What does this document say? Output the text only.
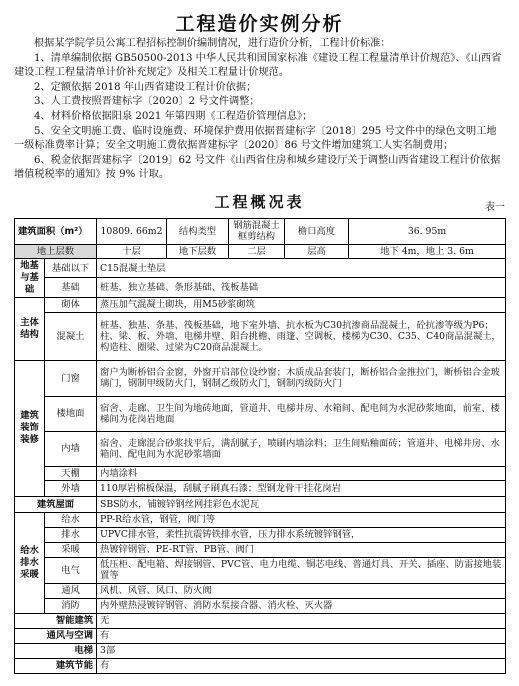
工程造价实例分析

根据某学院学员公寓工程招标控制价编制情况，进行造价分析，工程计价标准：

1、清单编制依据 GB50500-2013 中华人民共和国国家标准《建设工程工程量清单计价规范》、《山西省建设工程工程量清单计价补充规定》及相关工程量计价规范。

2、定额依据 2018 年山西省建设工程计价依据；

3、人工费按照晋建标字〔2020〕2 号文件调整；

4、材料价格依据阳泉 2021 年第四期《工程造价管理信息》；

5、安全文明施工费、临时设施费、环境保护费用依据晋建标字〔2018〕295 号文件中的绿色文明工地一级标准费率计算；安全文明施工费依据晋建标字〔2020〕86 号文件增加建筑工人实名制费用；

6、税金依据晋建标字〔2019〕62 号文件《山西省住房和城乡建设厅关于调整山西省建设工程计价依据增值税税率的通知》按 9% 计取。

工程概况表	表一
建筑面积（m²）		10809. 66m2	结构类型	钢筋混凝土框剪结构	檐口高度	36. 95m
地上层数		十层	地下层数	二层	层高	地下 4m，地上 3. 6m
地基与基础	基础以下	C15混凝土垫层				
	基础	桩基、独立基础、条形基础、筏板基础				
主体结构	砌体	蒸压加气混凝土砌块，用M5砂浆砌筑				
	混凝土	桩基、独基、条基、筏板基础，地下室外墙、抗水板为C30抗渗商品混凝土，砼抗渗等级为P6；柱、梁、板、外墙、电梯井壁、阳台挑檐、雨篷、空调板、楼梯为C30、C35、C40商品混凝土，构造柱、圈梁、过梁为C20商品混凝土。				
建筑装饰装修	门窗	窗户为断桥铝合金窗，外窗开启部位设纱窗；木质成品套装门，断桥铝合金推拉门，断桥铝合金玻璃门，钢制甲级防火门，钢制乙级防火门，钢制丙级防火门				
	楼地面	宿舍、走廊、卫生间为地砖地面，管道井、电梯井房、水箱间、配电间为水泥砂浆地面，前室、楼梯间为花岗岩地面				
	内墙	宿舍、走廊混合砂浆找平后，满刮腻子，喷刷内墙涂料；卫生间贴釉面砖；管道井、电梯井房、水箱间、配电间为水泥砂浆墙面				
	天棚	内墙涂料				
	外墙	110厚岩棉板保温，刮腻子刷真石漆；型钢龙骨干挂花岗岩				
建筑屋面		SBS防水，铺镀锌钢丝网挂彩色水泥瓦				
给水排水采暖	给水	PP-R给水管，钢管，阀门等				
	排水	UPVC排水管，柔性抗震铸铁排水管，压力排水系统镀锌钢管，				
	采暖	热镀锌钢管、PE-RT管、PB管、阀门				
	电气	低压柜、配电箱、焊接钢管、PVC管、电力电缆、铜芯电线、普通灯具、开关、插座、防雷接地装置等				
	通风	风机、风管、风口、防火阀				
	消防	内外壁热浸镀锌钢管、消防水泵接合器、消火栓、灭火器				
智能建筑		无				
通风与空调		有				
电梯		3部				
建筑节能		有				
